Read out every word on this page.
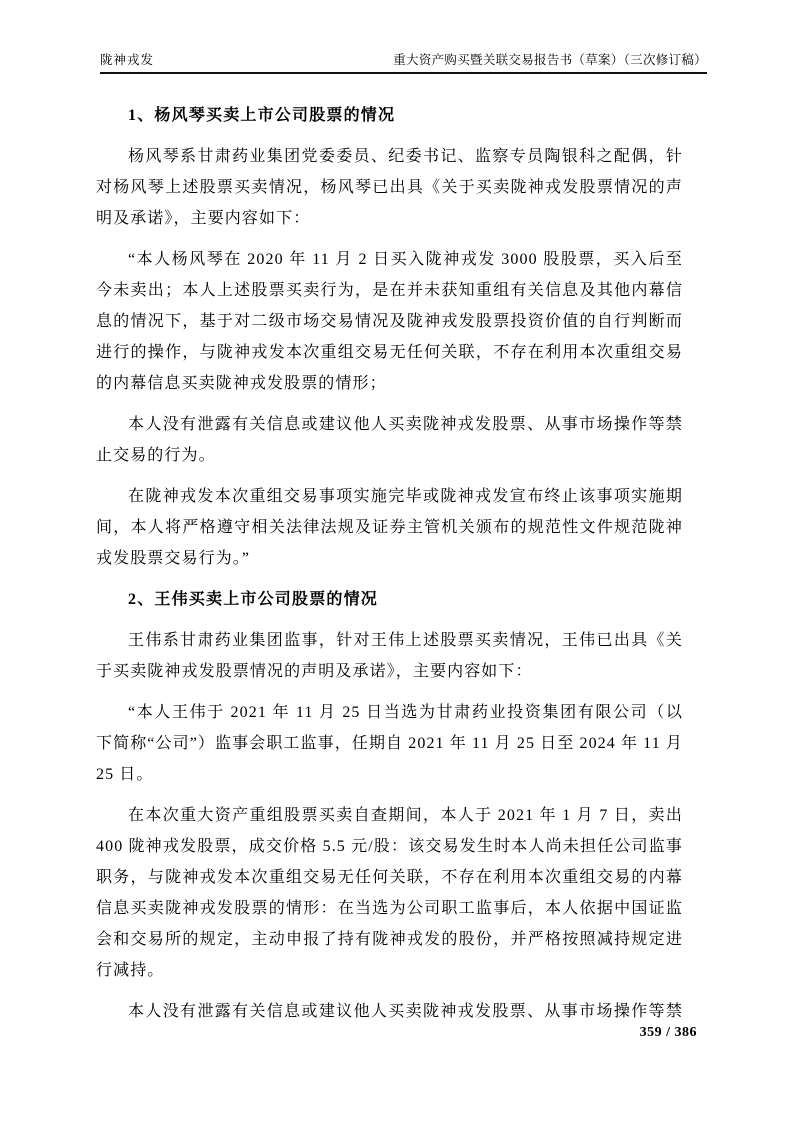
陇神戎发	重大资产购买暨关联交易报告书（草案）（三次修订稿）

1、杨风琴买卖上市公司股票的情况

杨风琴系甘肃药业集团党委委员、纪委书记、监察专员陶银科之配偶，针对杨风琴上述股票买卖情况，杨风琴已出具《关于买卖陇神戎发股票情况的声明及承诺》，主要内容如下：

“本人杨风琴在 2020 年 11 月 2 日买入陇神戎发 3000 股股票，买入后至今未卖出；本人上述股票买卖行为，是在并未获知重组有关信息及其他内幕信息的情况下，基于对二级市场交易情况及陇神戎发股票投资价值的自行判断而进行的操作，与陇神戎发本次重组交易无任何关联，不存在利用本次重组交易的内幕信息买卖陇神戎发股票的情形；

本人没有泄露有关信息或建议他人买卖陇神戎发股票、从事市场操作等禁止交易的行为。

在陇神戎发本次重组交易事项实施完毕或陇神戎发宣布终止该事项实施期间，本人将严格遵守相关法律法规及证券主管机关颁布的规范性文件规范陇神戎发股票交易行为。”

2、王伟买卖上市公司股票的情况

王伟系甘肃药业集团监事，针对王伟上述股票买卖情况，王伟已出具《关于买卖陇神戎发股票情况的声明及承诺》，主要内容如下：

“本人王伟于 2021 年 11 月 25 日当选为甘肃药业投资集团有限公司（以下简称“公司”）监事会职工监事，任期自 2021 年 11 月 25 日至 2024 年 11 月 25 日。

在本次重大资产重组股票买卖自查期间，本人于 2021 年 1 月 7 日，卖出 400 陇神戎发股票，成交价格 5.5 元/股：该交易发生时本人尚未担任公司监事职务，与陇神戎发本次重组交易无任何关联，不存在利用本次重组交易的内幕信息买卖陇神戎发股票的情形：在当选为公司职工监事后，本人依据中国证监会和交易所的规定，主动申报了持有陇神戎发的股份，并严格按照减持规定进行减持。

本人没有泄露有关信息或建议他人买卖陇神戎发股票、从事市场操作等禁

359 / 386
